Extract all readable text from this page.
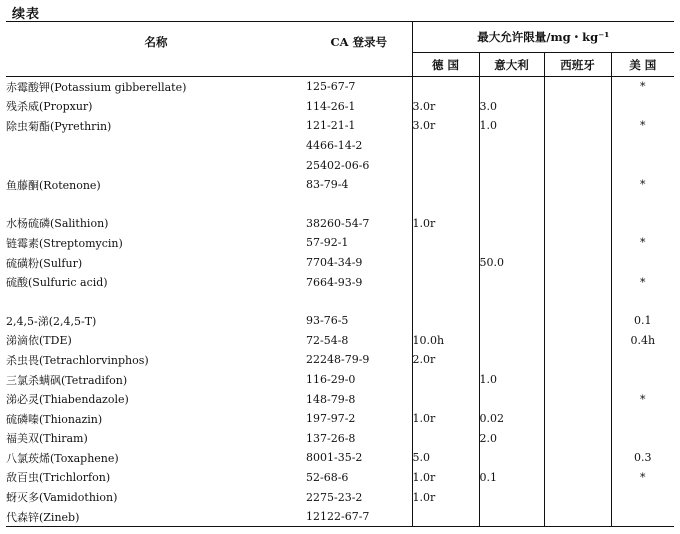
续表
名称	CA 登录号	最大允许限量/mg・kg⁻¹			
		德 国	意大利	西班牙	美 国
赤霉酸钾(Potassium gibberellate)	125-67-7				*
残杀威(Propxur)	114-26-1	3.0r	3.0		
除虫菊酯(Pyrethrin)	121-21-1	3.0r	1.0		*
	4466-14-2				
	25402-06-6				
鱼藤酮(Rotenone)	83-79-4				*

水杨硫磷(Salithion)	38260-54-7	1.0r			
链霉素(Streptomycin)	57-92-1				*
硫磺粉(Sulfur)	7704-34-9		50.0		
硫酸(Sulfuric acid)	7664-93-9				*

2,4,5-涕(2,4,5-T)	93-76-5				0.1
涕滴依(TDE)	72-54-8	10.0h			0.4h
杀虫畏(Tetrachlorvinphos)	22248-79-9	2.0r			
三氯杀螨砜(Tetradifon)	116-29-0		1.0		
涕必灵(Thiabendazole)	148-79-8				*
硫磷嗪(Thionazin)	197-97-2	1.0r	0.02		
福美双(Thiram)	137-26-8		2.0		
八氯莰烯(Toxaphene)	8001-35-2	5.0			0.3
敌百虫(Trichlorfon)	52-68-6	1.0r	0.1		*
蚜灭多(Vamidothion)	2275-23-2	1.0r			
代森锌(Zineb)	12122-67-7				
